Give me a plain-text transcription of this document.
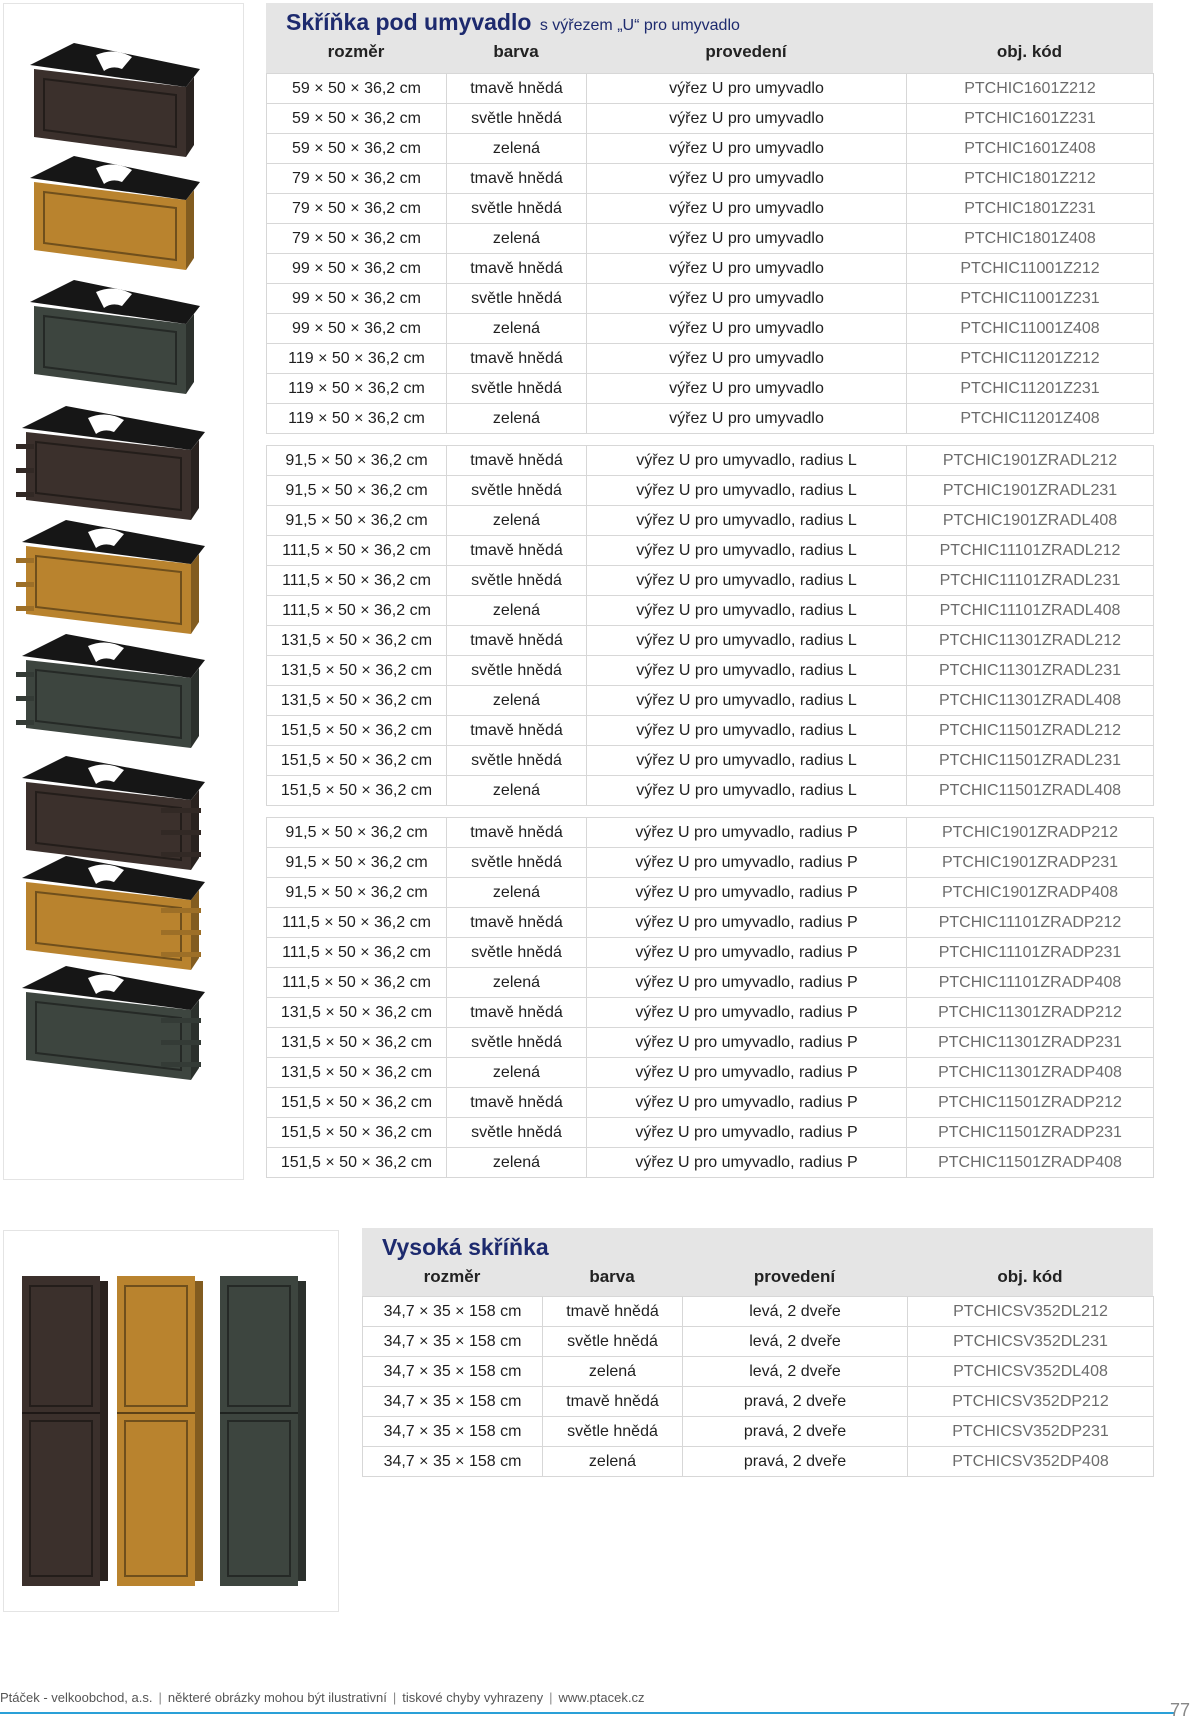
Skříňka pod umyvadlo s výřezem „U“ pro umyvadlo
rozměr	barva	provedení	obj. kód
59 × 50 × 36,2 cm	tmavě hnědá	výřez U pro umyvadlo	PTCHIC1601Z212
59 × 50 × 36,2 cm	světle hnědá	výřez U pro umyvadlo	PTCHIC1601Z231
59 × 50 × 36,2 cm	zelená	výřez U pro umyvadlo	PTCHIC1601Z408
79 × 50 × 36,2 cm	tmavě hnědá	výřez U pro umyvadlo	PTCHIC1801Z212
79 × 50 × 36,2 cm	světle hnědá	výřez U pro umyvadlo	PTCHIC1801Z231
79 × 50 × 36,2 cm	zelená	výřez U pro umyvadlo	PTCHIC1801Z408
99 × 50 × 36,2 cm	tmavě hnědá	výřez U pro umyvadlo	PTCHIC11001Z212
99 × 50 × 36,2 cm	světle hnědá	výřez U pro umyvadlo	PTCHIC11001Z231
99 × 50 × 36,2 cm	zelená	výřez U pro umyvadlo	PTCHIC11001Z408
119 × 50 × 36,2 cm	tmavě hnědá	výřez U pro umyvadlo	PTCHIC11201Z212
119 × 50 × 36,2 cm	světle hnědá	výřez U pro umyvadlo	PTCHIC11201Z231
119 × 50 × 36,2 cm	zelená	výřez U pro umyvadlo	PTCHIC11201Z408

91,5 × 50 × 36,2 cm	tmavě hnědá	výřez U pro umyvadlo, radius L	PTCHIC1901ZRADL212
91,5 × 50 × 36,2 cm	světle hnědá	výřez U pro umyvadlo, radius L	PTCHIC1901ZRADL231
91,5 × 50 × 36,2 cm	zelená	výřez U pro umyvadlo, radius L	PTCHIC1901ZRADL408
111,5 × 50 × 36,2 cm	tmavě hnědá	výřez U pro umyvadlo, radius L	PTCHIC11101ZRADL212
111,5 × 50 × 36,2 cm	světle hnědá	výřez U pro umyvadlo, radius L	PTCHIC11101ZRADL231
111,5 × 50 × 36,2 cm	zelená	výřez U pro umyvadlo, radius L	PTCHIC11101ZRADL408
131,5 × 50 × 36,2 cm	tmavě hnědá	výřez U pro umyvadlo, radius L	PTCHIC11301ZRADL212
131,5 × 50 × 36,2 cm	světle hnědá	výřez U pro umyvadlo, radius L	PTCHIC11301ZRADL231
131,5 × 50 × 36,2 cm	zelená	výřez U pro umyvadlo, radius L	PTCHIC11301ZRADL408
151,5 × 50 × 36,2 cm	tmavě hnědá	výřez U pro umyvadlo, radius L	PTCHIC11501ZRADL212
151,5 × 50 × 36,2 cm	světle hnědá	výřez U pro umyvadlo, radius L	PTCHIC11501ZRADL231
151,5 × 50 × 36,2 cm	zelená	výřez U pro umyvadlo, radius L	PTCHIC11501ZRADL408

91,5 × 50 × 36,2 cm	tmavě hnědá	výřez U pro umyvadlo, radius P	PTCHIC1901ZRADP212
91,5 × 50 × 36,2 cm	světle hnědá	výřez U pro umyvadlo, radius P	PTCHIC1901ZRADP231
91,5 × 50 × 36,2 cm	zelená	výřez U pro umyvadlo, radius P	PTCHIC1901ZRADP408
111,5 × 50 × 36,2 cm	tmavě hnědá	výřez U pro umyvadlo, radius P	PTCHIC11101ZRADP212
111,5 × 50 × 36,2 cm	světle hnědá	výřez U pro umyvadlo, radius P	PTCHIC11101ZRADP231
111,5 × 50 × 36,2 cm	zelená	výřez U pro umyvadlo, radius P	PTCHIC11101ZRADP408
131,5 × 50 × 36,2 cm	tmavě hnědá	výřez U pro umyvadlo, radius P	PTCHIC11301ZRADP212
131,5 × 50 × 36,2 cm	světle hnědá	výřez U pro umyvadlo, radius P	PTCHIC11301ZRADP231
131,5 × 50 × 36,2 cm	zelená	výřez U pro umyvadlo, radius P	PTCHIC11301ZRADP408
151,5 × 50 × 36,2 cm	tmavě hnědá	výřez U pro umyvadlo, radius P	PTCHIC11501ZRADP212
151,5 × 50 × 36,2 cm	světle hnědá	výřez U pro umyvadlo, radius P	PTCHIC11501ZRADP231
151,5 × 50 × 36,2 cm	zelená	výřez U pro umyvadlo, radius P	PTCHIC11501ZRADP408
Vysoká skříňka
rozměr	barva	provedení	obj. kód
34,7 × 35 × 158 cm	tmavě hnědá	levá, 2 dveře	PTCHICSV352DL212
34,7 × 35 × 158 cm	světle hnědá	levá, 2 dveře	PTCHICSV352DL231
34,7 × 35 × 158 cm	zelená	levá, 2 dveře	PTCHICSV352DL408
34,7 × 35 × 158 cm	tmavě hnědá	pravá, 2 dveře	PTCHICSV352DP212
34,7 × 35 × 158 cm	světle hnědá	pravá, 2 dveře	PTCHICSV352DP231
34,7 × 35 × 158 cm	zelená	pravá, 2 dveře	PTCHICSV352DP408
Ptáček - velkoobchod, a.s. | některé obrázky mohou být ilustrativní | tiskové chyby vyhrazeny | www.ptacek.cz
77
